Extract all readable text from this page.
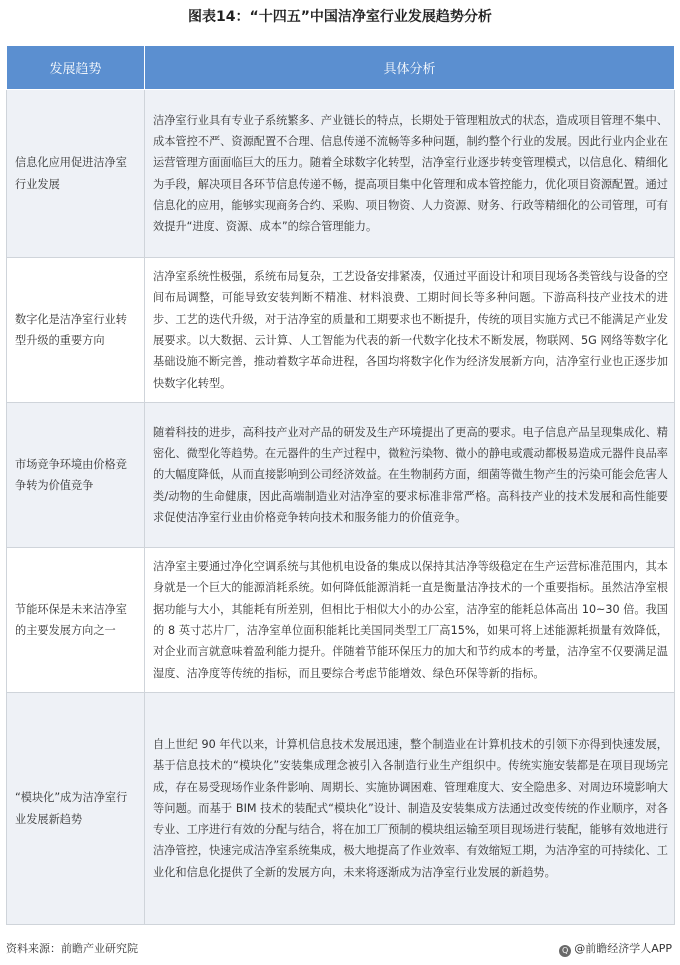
图表14：“十四五”中国洁净室行业发展趋势分析
发展趋势	具体分析
信息化应用促进洁净室行业发展	洁净室行业具有专业子系统繁多、产业链长的特点，长期处于管理粗放式的状态，造成项目管理不集中、成本管控不严、资源配置不合理、信息传递不流畅等多种问题，制约整个行业的发展。因此行业内企业在运营管理方面面临巨大的压力。随着全球数字化转型，洁净室行业逐步转变管理模式，以信息化、精细化为手段，解决项目各环节信息传递不畅，提高项目集中化管理和成本管控能力，优化项目资源配置。通过信息化的应用，能够实现商务合约、采购、项目物资、人力资源、财务、行政等精细化的公司管理，可有效提升“进度、资源、成本”的综合管理能力。
数字化是洁净室行业转型升级的重要方向	洁净室系统性极强，系统布局复杂，工艺设备安排紧凑，仅通过平面设计和项目现场各类管线与设备的空间布局调整，可能导致安装判断不精准、材料浪费、工期时间长等多种问题。下游高科技产业技术的进步、工艺的迭代升级，对于洁净室的质量和工期要求也不断提升，传统的项目实施方式已不能满足产业发展要求。以大数据、云计算、人工智能为代表的新一代数字化技术不断发展，物联网、5G 网络等数字化基础设施不断完善，推动着数字革命进程，各国均将数字化作为经济发展新方向，洁净室行业也正逐步加快数字化转型。
市场竞争环境由价格竞争转为价值竞争	随着科技的进步，高科技产业对产品的研发及生产环境提出了更高的要求。电子信息产品呈现集成化、精密化、微型化等趋势。在元器件的生产过程中，微粒污染物、微小的静电或震动都极易造成元器件良品率的大幅度降低，从而直接影响到公司经济效益。在生物制药方面，细菌等微生物产生的污染可能会危害人类/动物的生命健康，因此高端制造业对洁净室的要求标准非常严格。高科技产业的技术发展和高性能要求促使洁净室行业由价格竞争转向技术和服务能力的价值竞争。
节能环保是未来洁净室的主要发展方向之一	洁净室主要通过净化空调系统与其他机电设备的集成以保持其洁净等级稳定在生产运营标准范围内，其本身就是一个巨大的能源消耗系统。如何降低能源消耗一直是衡量洁净技术的一个重要指标。虽然洁净室根据功能与大小，其能耗有所差别，但相比于相似大小的办公室，洁净室的能耗总体高出 10~30 倍。我国的 8 英寸芯片厂，洁净室单位面积能耗比美国同类型工厂高15%，如果可将上述能源耗损量有效降低，对企业而言就意味着盈利能力提升。伴随着节能环保压力的加大和节约成本的考量，洁净室不仅要满足温湿度、洁净度等传统的指标，而且要综合考虑节能增效、绿色环保等新的指标。
“模块化”成为洁净室行业发展新趋势	自上世纪 90 年代以来，计算机信息技术发展迅速，整个制造业在计算机技术的引领下亦得到快速发展，基于信息技术的“模块化”安装集成理念被引入各制造行业生产组织中。传统实施安装都是在项目现场完成，存在易受现场作业条件影响、周期长、实施协调困难、管理难度大、安全隐患多、对周边环境影响大等问题。而基于 BIM 技术的装配式“模块化”设计、制造及安装集成方法通过改变传统的作业顺序，对各专业、工序进行有效的分配与结合，将在加工厂预制的模块组运输至项目现场进行装配，能够有效地进行洁净管控，快速完成洁净室系统集成，极大地提高了作业效率、有效缩短工期，为洁净室的可持续化、工业化和信息化提供了全新的发展方向，未来将逐渐成为洁净室行业发展的新趋势。
资料来源：前瞻产业研究院	Q @前瞻经济学人APP
